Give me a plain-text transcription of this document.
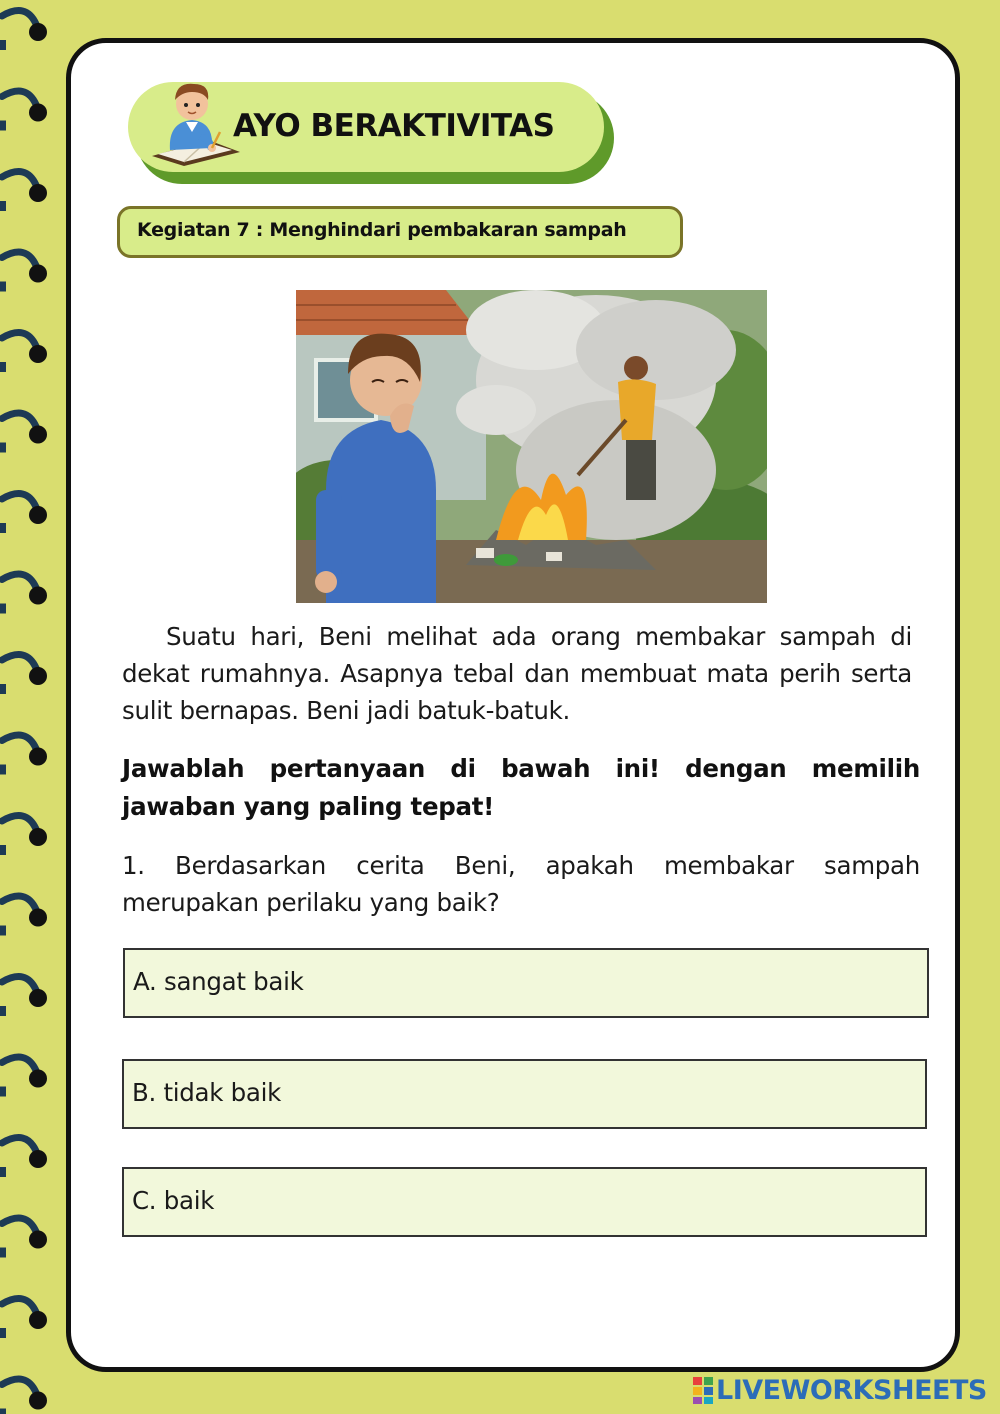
AYO BERAKTIVITAS
Kegiatan 7 : Menghindari pembakaran sampah

Suatu hari, Beni melihat ada orang membakar sampah di dekat rumahnya. Asapnya tebal dan membuat mata perih serta sulit bernapas. Beni jadi batuk-batuk.

Jawablah pertanyaan di bawah ini! dengan memilih jawaban yang paling tepat!

1. Berdasarkan cerita Beni, apakah membakar sampah merupakan perilaku yang baik?

A. sangat baik
B. tidak baik
C. baik
LIVEWORKSHEETS
